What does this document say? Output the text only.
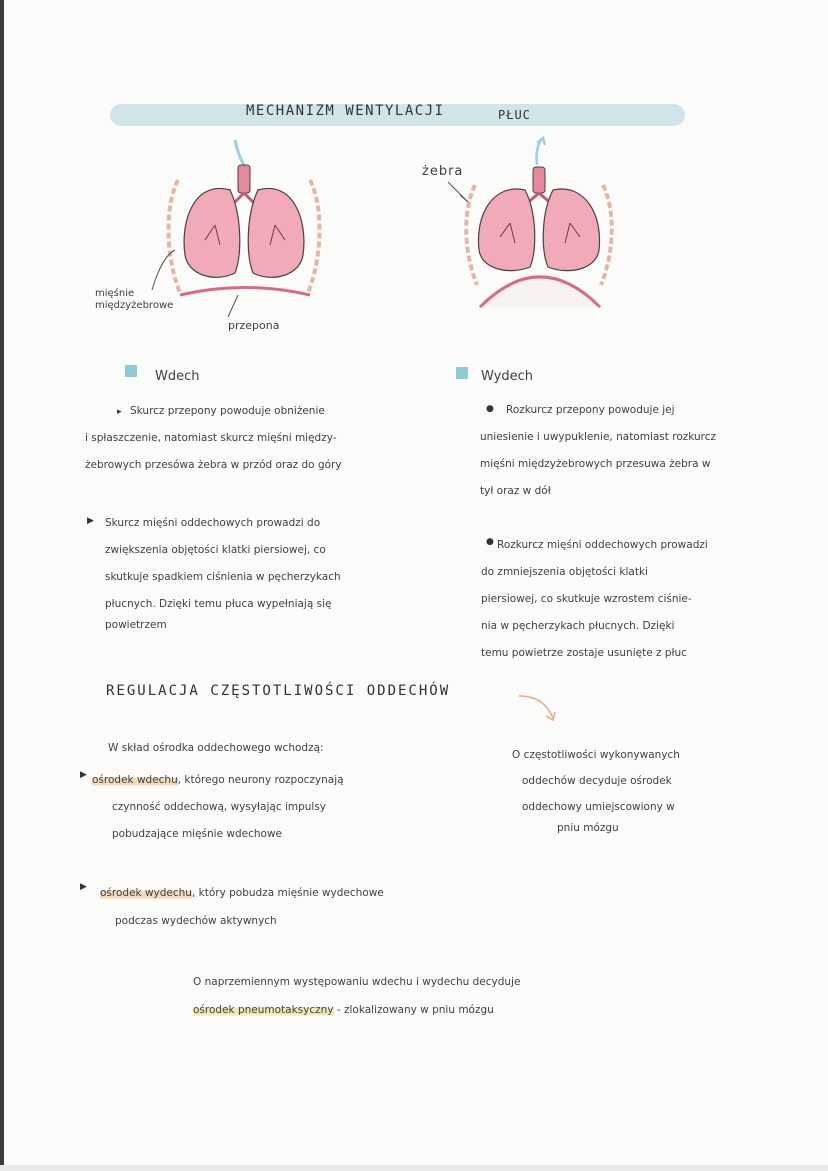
MECHANIZM WENTYLACJI	PŁUC
mięśnie
międzyżebrowe
przepona
żebra
Wdech
▸ Skurcz przepony powoduje obniżenie
i spłaszczenie, natomiast skurcz mięśni między-
żebrowych przesówa żebra w przód oraz do góry
▶ Skurcz mięśni oddechowych prowadzi do
zwiększenia objętości klatki piersiowej, co
skutkuje spadkiem ciśnienia w pęcherzykach
płucnych. Dzięki temu płuca wypełniają się
powietrzem
Wydech
●	Rozkurcz przepony powoduje jej
uniesienie i uwypuklenie, natomiast rozkurcz
mięśni międzyżebrowych przesuwa żebra w
tył oraz w dół
● Rozkurcz mięśni oddechowych prowadzi
do zmniejszenia objętości klatki
piersiowej, co skutkuje wzrostem ciśnie-
nia w pęcherzykach płucnych. Dzięki
temu powietrze zostaje usunięte z płuc
REGULACJA CZĘSTOTLIWOŚCI ODDECHÓW
W skład ośrodka oddechowego wchodzą:
▶ ośrodek wdechu, którego neurony rozpoczynają
czynność oddechową, wysyłając impulsy
pobudzające mięśnie wdechowe
O częstotliwości wykonywanych
oddechów decyduje ośrodek
oddechowy umiejscowiony w
pniu mózgu
▶ ośrodek wydechu, który pobudza mięśnie wydechowe
podczas wydechów aktywnych
O naprzemiennym występowaniu wdechu i wydechu decyduje
ośrodek pneumotaksyczny - zlokalizowany w pniu mózgu
